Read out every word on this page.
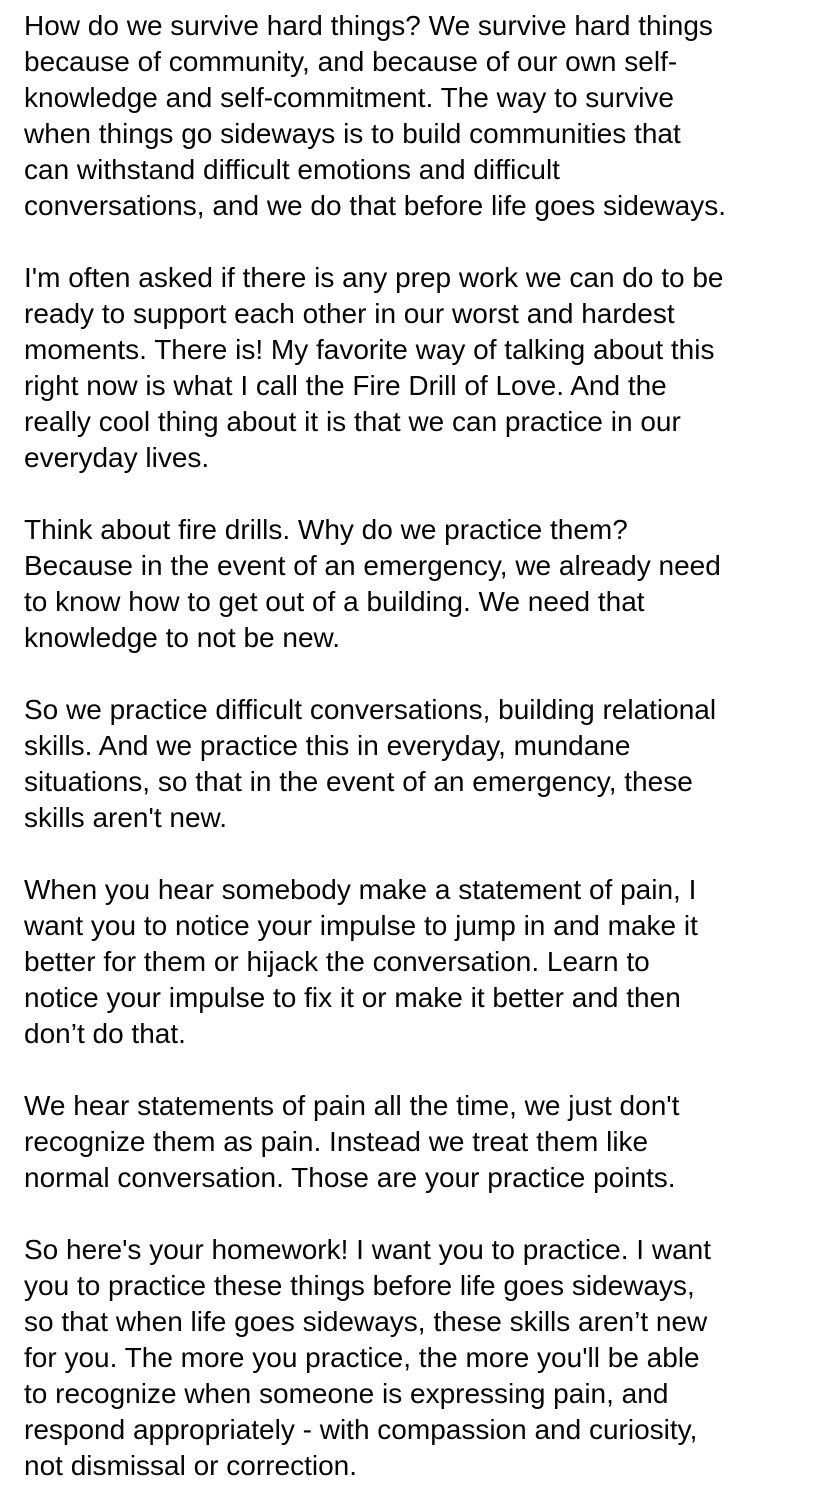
How do we survive hard things? We survive hard things
because of community, and because of our own self-
knowledge and self-commitment. The way to survive
when things go sideways is to build communities that
can withstand difficult emotions and difficult
conversations, and we do that before life goes sideways.

I'm often asked if there is any prep work we can do to be
ready to support each other in our worst and hardest
moments. There is! My favorite way of talking about this
right now is what I call the Fire Drill of Love. And the
really cool thing about it is that we can practice in our
everyday lives.

Think about fire drills. Why do we practice them?
Because in the event of an emergency, we already need
to know how to get out of a building. We need that
knowledge to not be new.

So we practice difficult conversations, building relational
skills. And we practice this in everyday, mundane
situations, so that in the event of an emergency, these
skills aren't new.

When you hear somebody make a statement of pain, I
want you to notice your impulse to jump in and make it
better for them or hijack the conversation. Learn to
notice your impulse to fix it or make it better and then
don’t do that.

We hear statements of pain all the time, we just don't
recognize them as pain. Instead we treat them like
normal conversation. Those are your practice points.

So here's your homework! I want you to practice. I want
you to practice these things before life goes sideways,
so that when life goes sideways, these skills aren’t new
for you. The more you practice, the more you'll be able
to recognize when someone is expressing pain, and
respond appropriately - with compassion and curiosity,
not dismissal or correction.
